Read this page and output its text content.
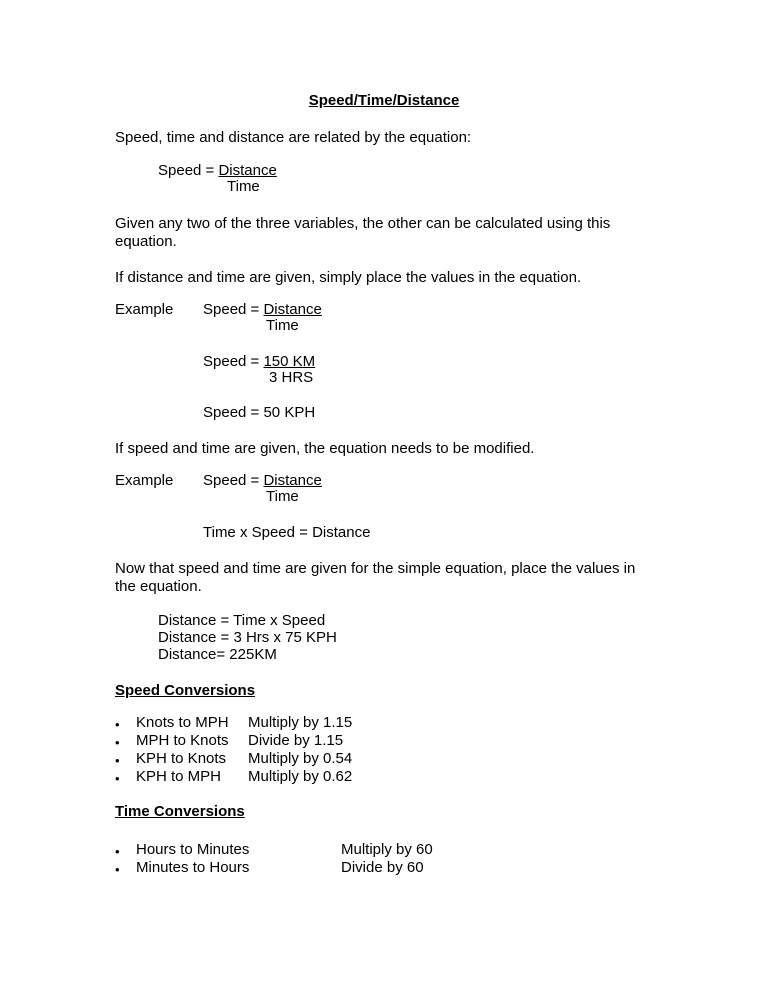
Speed/Time/Distance
Speed, time and distance are related by the equation:
Speed = Distance
Time
Given any two of the three variables, the other can be calculated using this
equation.
If distance and time are given, simply place the values in the equation.
Example Speed = Distance
Time
Speed = 150 KM
3 HRS
Speed = 50 KPH
If speed and time are given, the equation needs to be modified.
Example Speed = Distance
Time
Time x Speed = Distance
Now that speed and time are given for the simple equation, place the values in
the equation.
Distance = Time x Speed
Distance = 3 Hrs x 75 KPH
Distance= 225KM
Speed Conversions
• Knots to MPH Multiply by 1.15
• MPH to Knots Divide by 1.15
• KPH to Knots Multiply by 0.54
• KPH to MPH Multiply by 0.62
Time Conversions
• Hours to Minutes	Multiply by 60
• Minutes to Hours	Divide by 60
